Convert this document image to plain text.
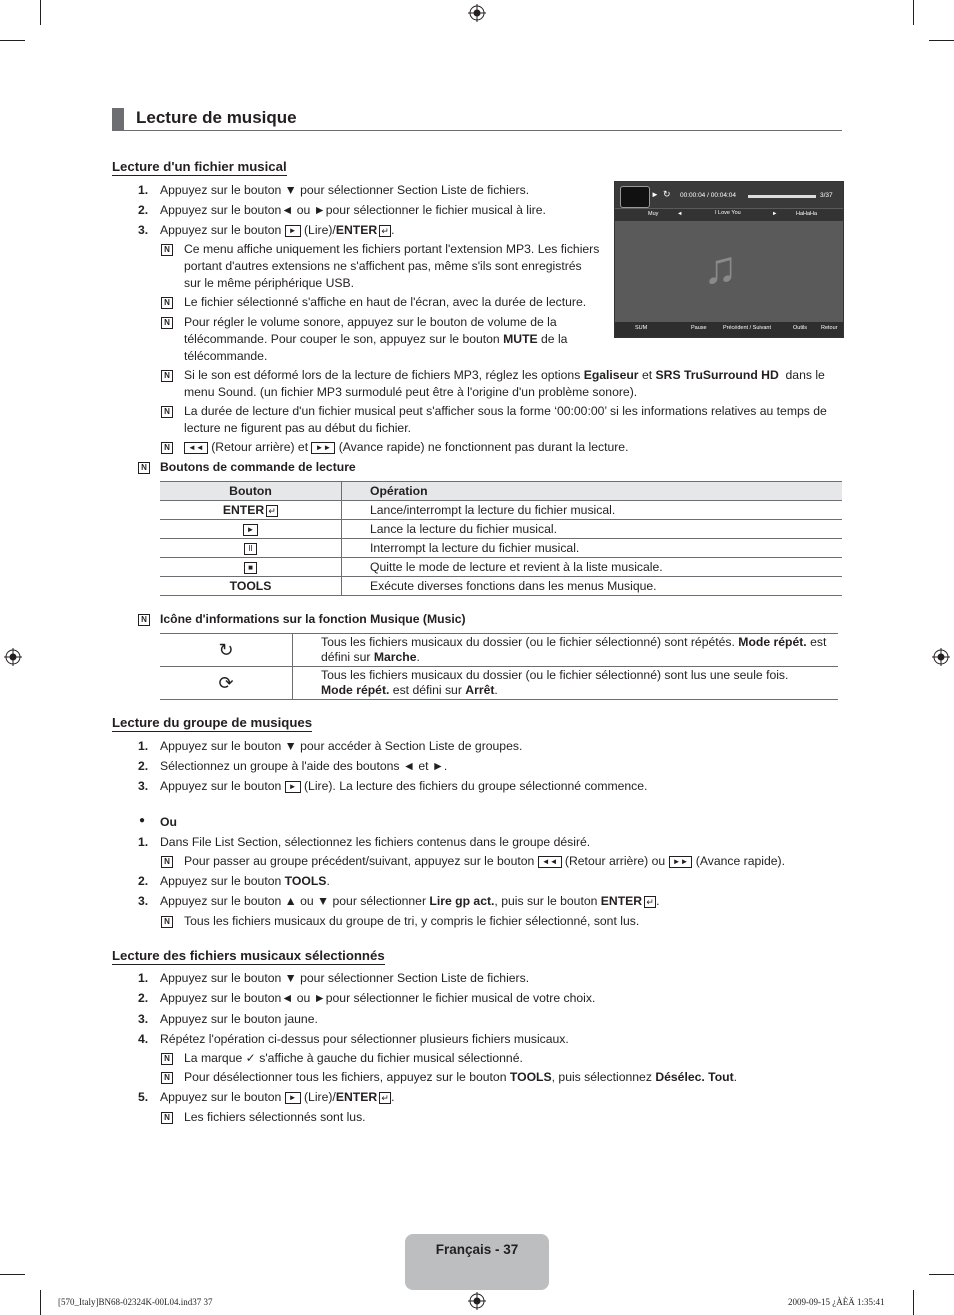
Lecture de musique
Lecture d'un fichier musical
1. Appuyez sur le bouton ▼ pour sélectionner Section Liste de fichiers.
2. Appuyez sur le bouton◄ ou ►pour sélectionner le fichier musical à lire.
3. Appuyez sur le bouton ► (Lire)/ENTER ↵ .
N Ce menu affiche uniquement les fichiers portant l'extension MP3. Les fichiers
portant d'autres extensions ne s'affichent pas, même s'ils sont enregistrés
sur le même périphérique USB.
N Le fichier sélectionné s'affiche en haut de l'écran, avec la durée de lecture.
N Pour régler le volume sonore, appuyez sur le bouton de volume de la
télécommande. Pour couper le son, appuyez sur le bouton MUTE de la
télécommande.
N Si le son est déformé lors de la lecture de fichiers MP3, réglez les options Egaliseur et SRS TruSurround HD dans le
menu Sound. (un fichier MP3 surmodulé peut être à l'origine d'un problème sonore).
N La durée de lecture d'un fichier musical peut s'afficher sous la forme ‘00:00:00’ si les informations relatives au temps de
lecture ne figurent pas au début du fichier.
N	◄◄ (Retour arrière) et ►► (Avance rapide) ne fonctionnent pas durant la lecture.
► ↻ 00:00:04 / 00:04:04	3/37
Muy	◄	I Love You	►	HaHaHa
♫
SUM	Pause	Précédent / Suivant	Outils	Retour
N Boutons de commande de lecture
Bouton	Opération
ENTER ↵	Lance/interrompt la lecture du fichier musical.
►	Lance la lecture du fichier musical.
II	Interrompt la lecture du fichier musical.
■	Quitte le mode de lecture et revient à la liste musicale.
TOOLS	Exécute diverses fonctions dans les menus Musique.
N Icône d'informations sur la fonction Musique (Music)
↻	Tous les fichiers musicaux du dossier (ou le fichier sélectionné) sont répétés. Mode répét. est
défini sur Marche.
⟳	Tous les fichiers musicaux du dossier (ou le fichier sélectionné) sont lus une seule fois.
Mode répét. est défini sur Arrêt.
Lecture du groupe de musiques
1. Appuyez sur le bouton ▼ pour accéder à Section Liste de groupes.
2. Sélectionnez un groupe à l'aide des boutons ◄ et ►.
3. Appuyez sur le bouton ► (Lire). La lecture des fichiers du groupe sélectionné commence.
● Ou
1. Dans File List Section, sélectionnez les fichiers contenus dans le groupe désiré.
N Pour passer au groupe précédent/suivant, appuyez sur le bouton ◄◄ (Retour arrière) ou ►► (Avance rapide).
2. Appuyez sur le bouton TOOLS.
3. Appuyez sur le bouton ▲ ou ▼ pour sélectionner Lire gp act., puis sur le bouton ENTER ↵ .
N Tous les fichiers musicaux du groupe de tri, y compris le fichier sélectionné, sont lus.
Lecture des fichiers musicaux sélectionnés
1. Appuyez sur le bouton ▼ pour sélectionner Section Liste de fichiers.
2. Appuyez sur le bouton◄ ou ►pour sélectionner le fichier musical de votre choix.
3. Appuyez sur le bouton jaune.
4. Répétez l'opération ci-dessus pour sélectionner plusieurs fichiers musicaux.
N La marque ✓ s'affiche à gauche du fichier musical sélectionné.
N Pour désélectionner tous les fichiers, appuyez sur le bouton TOOLS, puis sélectionnez Désélec. Tout.
5. Appuyez sur le bouton ► (Lire)/ENTER ↵ .
N Les fichiers sélectionnés sont lus.
Français - 37
[570_Italy]BN68-02324K-00L04.ind37 37	2009-09-15 ¿ÀÈÄ 1:35:41
